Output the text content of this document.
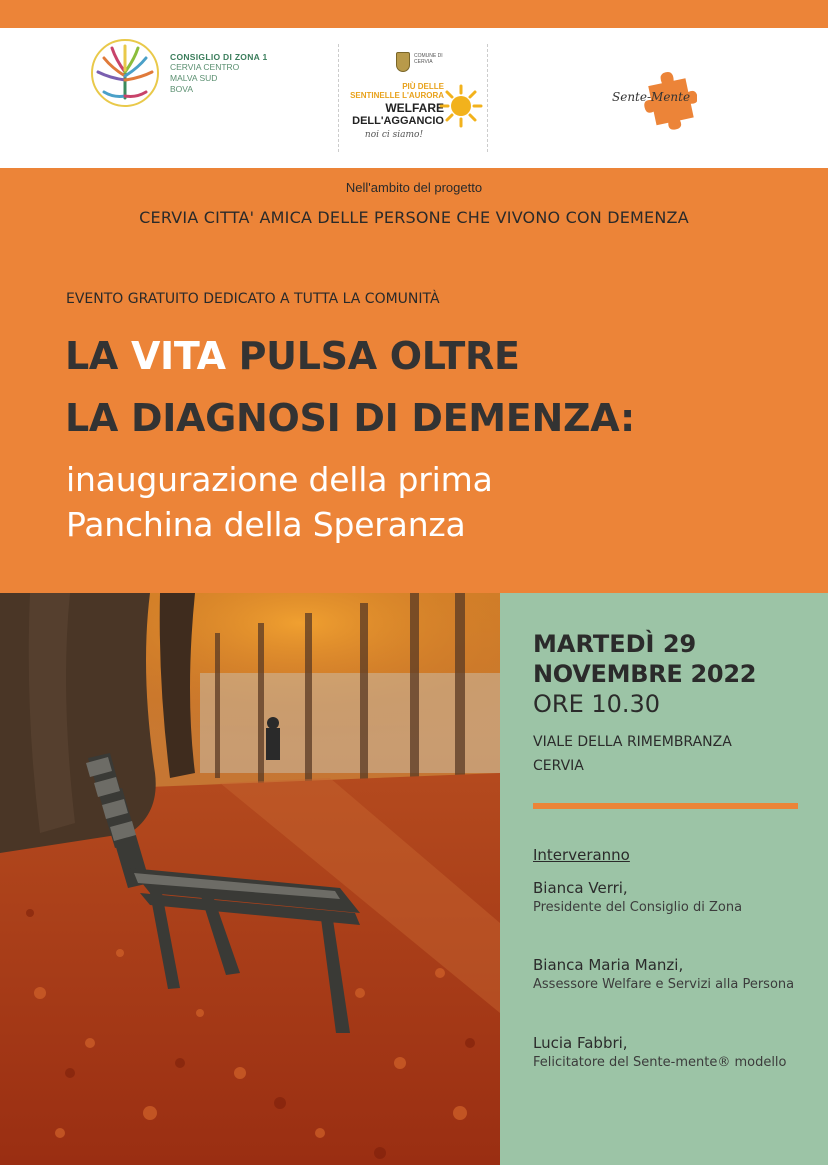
CONSIGLIO DI ZONA 1
CERVIA CENTRO
MALVA SUD
BOVA
COMUNE DI CERVIA
PIÙ DELLE
SENTINELLE L'AURORA
WELFARE
DELL'AGGANCIO
noi ci siamo!
Sente-Mente
Nell'ambito del progetto
CERVIA CITTA' AMICA DELLE PERSONE CHE VIVONO CON DEMENZA
EVENTO GRATUITO DEDICATO A TUTTA LA COMUNITÀ
LA VITA PULSA OLTRE
LA DIAGNOSI DI DEMENZA:
inaugurazione della prima
Panchina della Speranza
MARTEDÌ 29
NOVEMBRE 2022
ORE 10.30
VIALE DELLA RIMEMBRANZA
CERVIA
Interveranno
Bianca Verri,
Presidente del Consiglio di Zona
Bianca Maria Manzi,
Assessore Welfare e Servizi alla Persona
Lucia Fabbri,
Felicitatore del Sente-mente® modello
